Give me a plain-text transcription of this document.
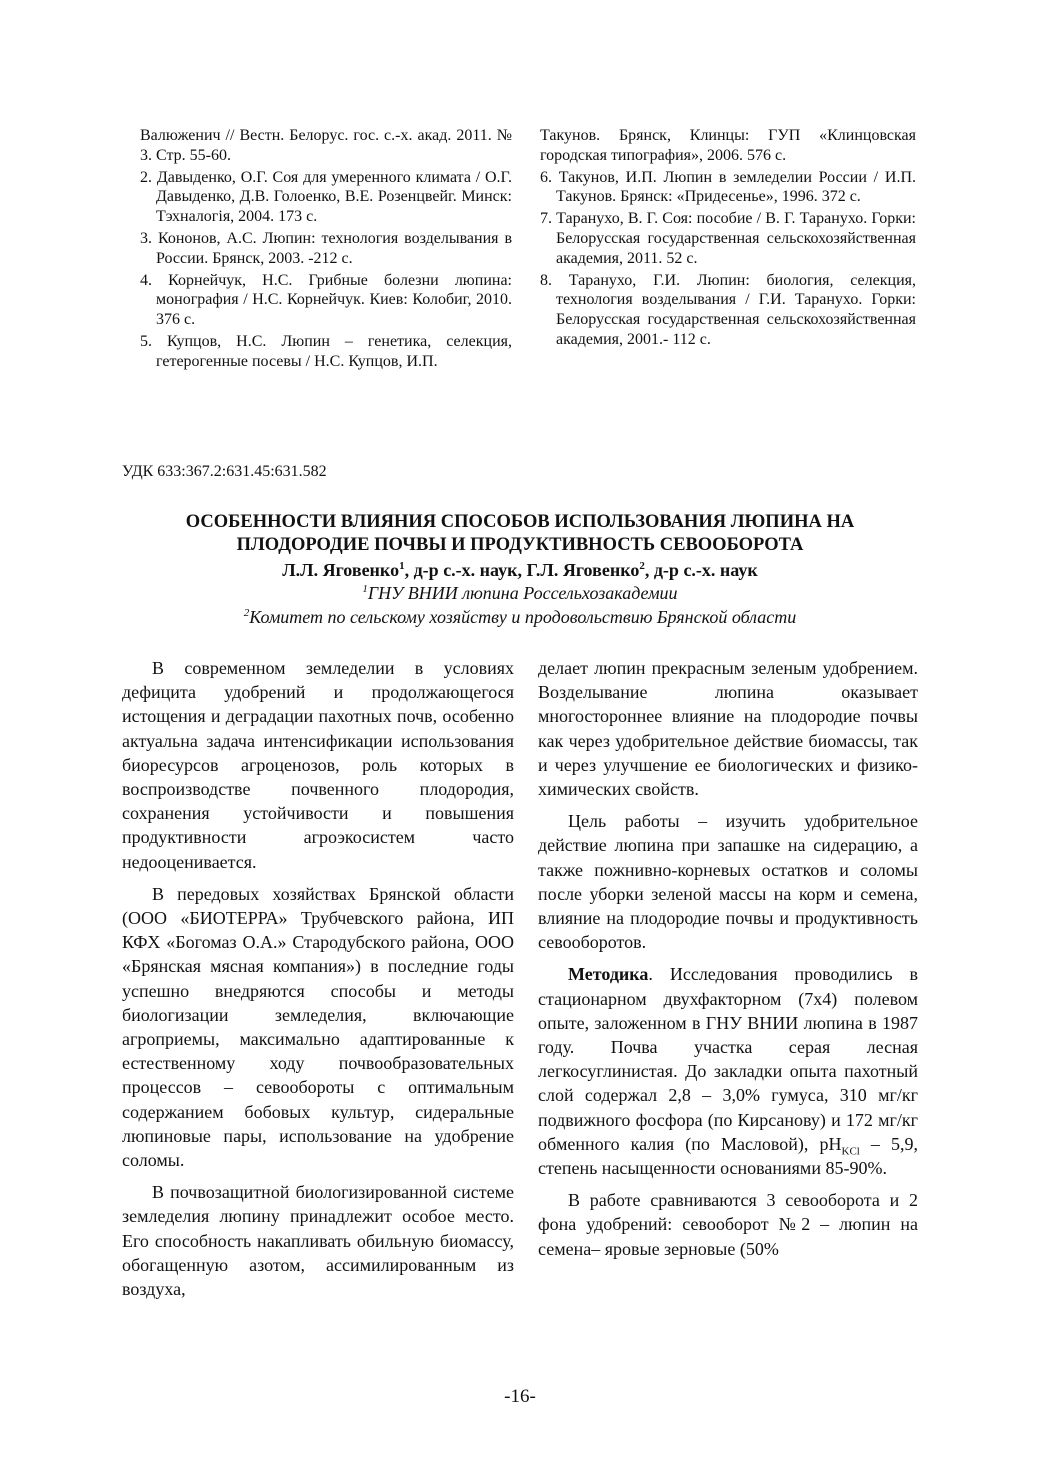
Валюженич // Вестн. Белорус. гос. с.-х. акад. 2011. № 3. Стр. 55-60.
2. Давыденко, О.Г. Соя для умеренного климата / О.Г. Давыденко, Д.В. Голоенко, В.Е. Розенцвейг. Минск: Тэхналогія, 2004. 173 с.
3. Кононов, А.С. Люпин: технология возделывания в России. Брянск, 2003. -212 с.
4. Корнейчук, Н.С. Грибные болезни люпина: монография / Н.С. Корнейчук. Киев: Колобиг, 2010. 376 с.
5. Купцов, Н.С. Люпин – генетика, селекция, гетерогенные посевы / Н.С. Купцов, И.П.
Такунов. Брянск, Клинцы: ГУП «Клинцовская городская типография», 2006. 576 с.
6. Такунов, И.П. Люпин в земледелии России / И.П. Такунов. Брянск: «Придесенье», 1996. 372 с.
7. Таранухо, В. Г. Соя: пособие / В. Г. Таранухо. Горки: Белорусская государственная сельскохозяйственная академия, 2011. 52 с.
8. Таранухо, Г.И. Люпин: биология, селекция, технология возделывания / Г.И. Таранухо. Горки: Белорусская государственная сельскохозяйственная академия, 2001.- 112 с.
УДК 633:367.2:631.45:631.582
ОСОБЕННОСТИ ВЛИЯНИЯ СПОСОБОВ ИСПОЛЬЗОВАНИЯ ЛЮПИНА НА
ПЛОДОРОДИЕ ПОЧВЫ И ПРОДУКТИВНОСТЬ СЕВООБОРОТА
Л.Л. Яговенко$^1$, д-р с.-х. наук, Г.Л. Яговенко$^2$, д-р с.-х. наук
$^1$ГНУ ВНИИ люпина Россельхозакадемии
$^2$Комитет по сельскому хозяйству и продовольствию Брянской области

В современном земледелии в условиях дефицита удобрений и продолжающегося истощения и деградации пахотных почв, особенно актуальна задача интенсификации использования биоресурсов агроценозов, роль которых в воспроизводстве почвенного плодородия, сохранения устойчивости и повышения продуктивности агроэкосистем часто недооценивается.

В передовых хозяйствах Брянской области (ООО «БИОТЕРРА» Трубчевского района, ИП КФХ «Богомаз О.А.» Стародубского района, ООО «Брянская мясная компания») в последние годы успешно внедряются способы и методы биологизации земледелия, включающие агроприемы, максимально адаптированные к естественному ходу почвообразовательных процессов – севообороты с оптимальным содержанием бобовых культур, сидеральные люпиновые пары, использование на удобрение соломы.

В почвозащитной биологизированной системе земледелия люпину принадлежит особое место. Его способность накапливать обильную биомассу, обогащенную азотом, ассимилированным из воздуха,

делает люпин прекрасным зеленым удобрением. Возделывание люпина оказывает многостороннее влияние на плодородие почвы как через удобрительное действие биомассы, так и через улучшение ее биологических и физико-химических свойств.

Цель работы – изучить удобрительное действие люпина при запашке на сидерацию, а также пожнивно-корневых остатков и соломы после уборки зеленой массы на корм и семена, влияние на плодородие почвы и продуктивность севооборотов.

Методика. Исследования проводились в стационарном двухфакторном (7х4) полевом опыте, заложенном в ГНУ ВНИИ люпина в 1987 году. Почва участка серая лесная легкосуглинистая. До закладки опыта пахотный слой содержал 2,8 – 3,0% гумуса, 310 мг/кг подвижного фосфора (по Кирсанову) и 172 мг/кг обменного калия (по Масловой), $pH_{KCl} - 5,9$, степень насыщенности основаниями 85-90%.

В работе сравниваются 3 севооборота и 2 фона удобрений: севооборот №2 – люпин на семена– яровые зерновые (50%

-16-
